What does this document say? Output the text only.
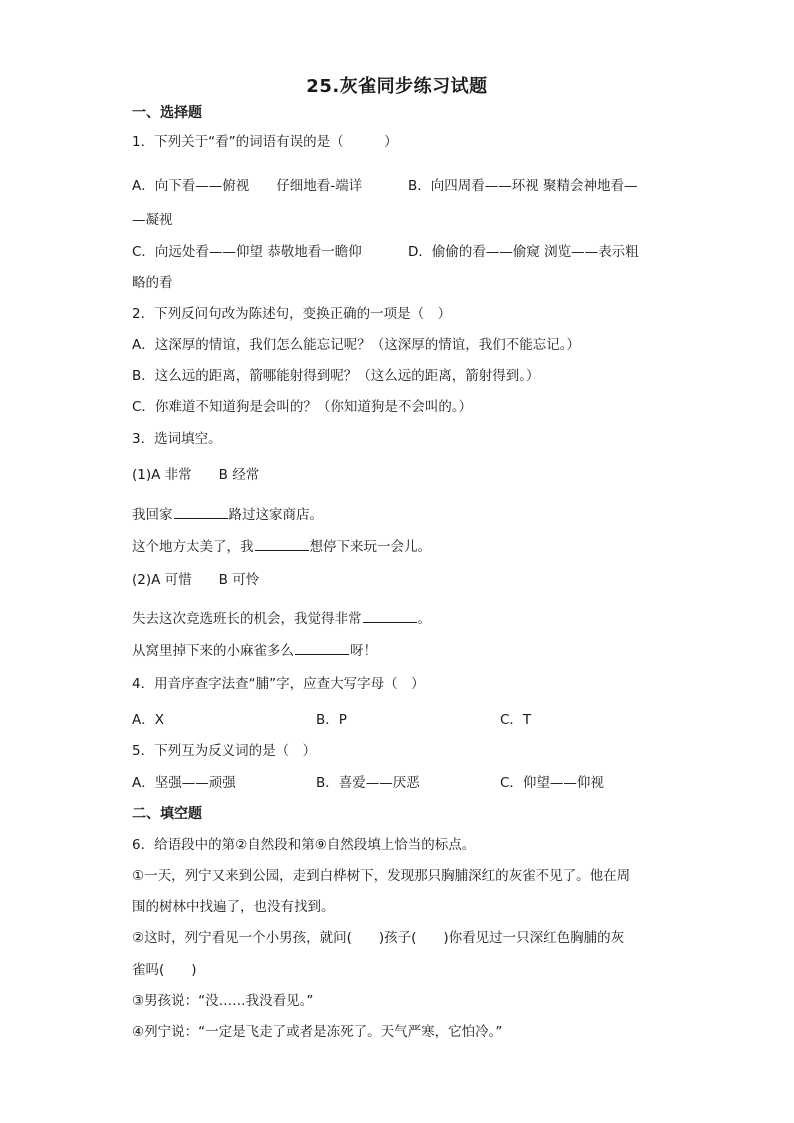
25.灰雀同步练习试题
一、选择题
1．下列关于“看”的词语有误的是（　　　）
A．向下看——俯视　　仔细地看-端详	B．向四周看——环视 聚精会神地看—
—凝视
C．向远处看——仰望 恭敬地看一瞻仰	D．偷偷的看——偷窥 浏览——表示粗
略的看
2．下列反问句改为陈述句，变换正确的一项是（　）
A．这深厚的情谊，我们怎么能忘记呢？（这深厚的情谊，我们不能忘记。）
B．这么远的距离，箭哪能射得到呢？（这么远的距离，箭射得到。）
C．你难道不知道狗是会叫的？（你知道狗是不会叫的。）
3．选词填空。
(1)A 非常　　B 经常
我回家	路过这家商店。
这个地方太美了，我	想停下来玩一会儿。
(2)A 可惜　　B 可怜
失去这次竞选班长的机会，我觉得非常	。
从窝里掉下来的小麻雀多么	呀！
4．用音序查字法查“脯”字，应查大写字母（　）
A．X	B．P	C．T
5．下列互为反义词的是（　）
A．坚强——顽强	B．喜爱——厌恶	C．仰望——仰视
二、填空题
6．给语段中的第②自然段和第⑨自然段填上恰当的标点。
①一天，列宁又来到公园，走到白桦树下，发现那只胸脯深红的灰雀不见了。他在周
围的树林中找遍了，也没有找到。
②这时，列宁看见一个小男孩，就问(　　)孩子(　　)你看见过一只深红色胸脯的灰
雀吗(　　)
③男孩说：“没……我没看见。”
④列宁说：“一定是飞走了或者是冻死了。天气严寒，它怕冷。”
